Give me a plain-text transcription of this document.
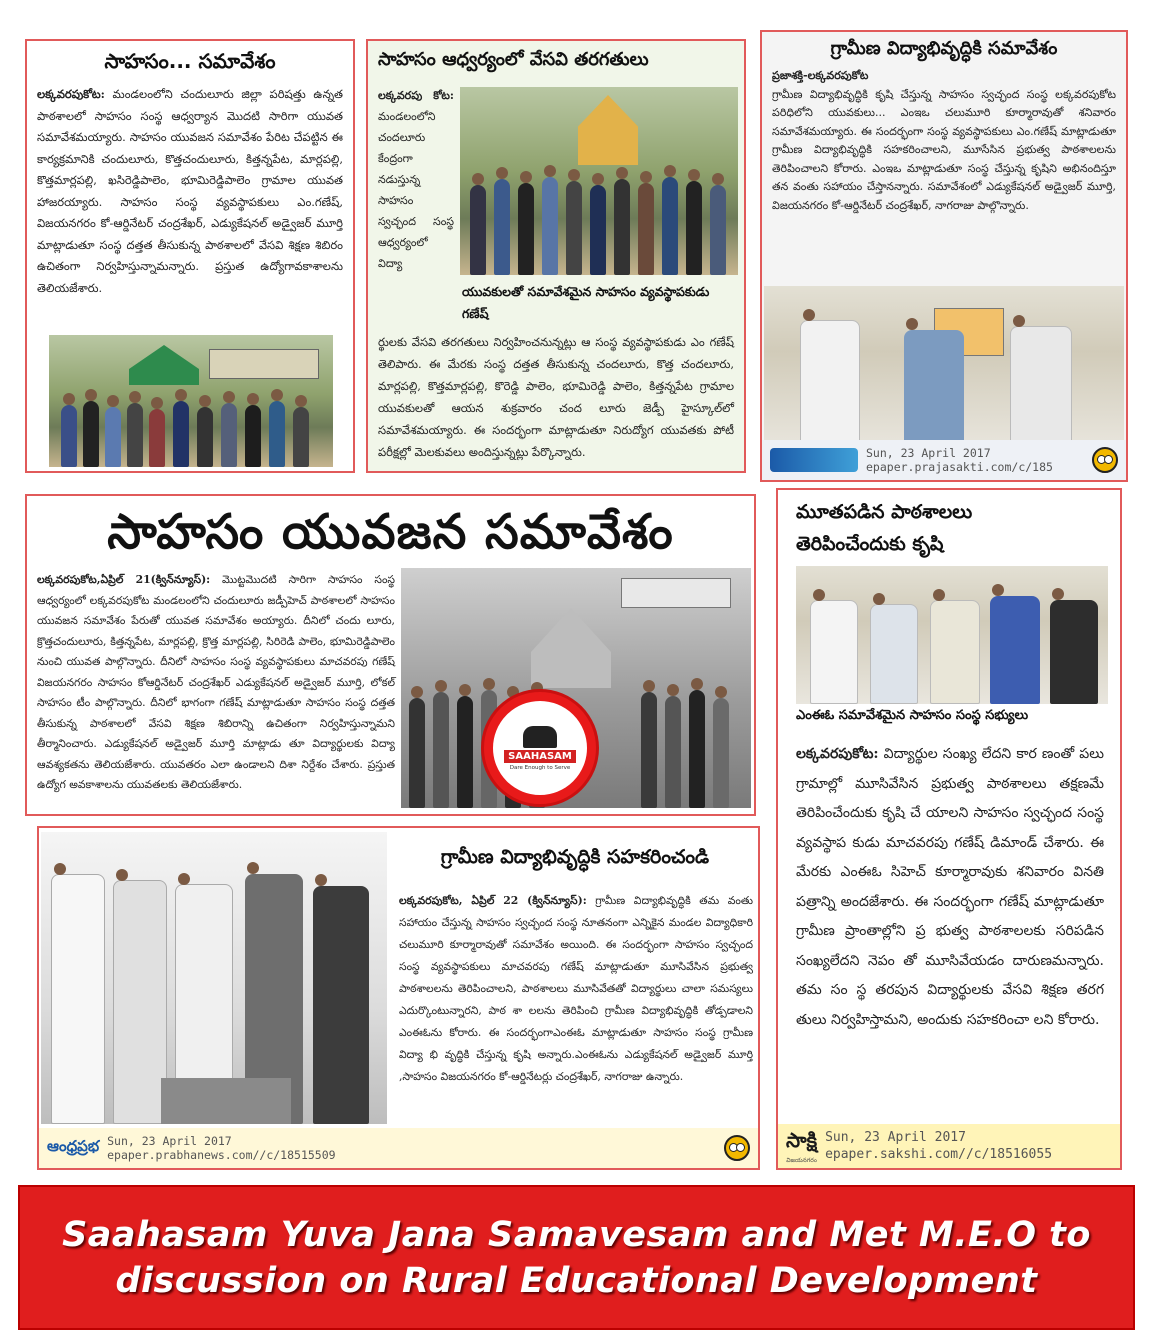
సాహసం... సమావేశం
లక్కవరపుకోట: మండలంలోని చందులూరు జిల్లా పరిషత్తు ఉన్నత పాఠశాలలో సాహసం సంస్థ ఆధ్వర్యాన మొదటి సారిగా యువత సమావేశమయ్యారు. సాహసం యువజన సమావేశం పేరిట చేపట్టిన ఈ కార్యక్రమానికి చందులూరు, కొత్తచందులూరు, కిత్తన్నపేట, మార్లపల్లి, కొత్తమార్లపల్లి, ఖసిరెడ్డిపాలెం, భూమిరెడ్డిపాలెం గ్రామాల యువత హాజరయ్యారు. సాహసం సంస్థ వ్యవస్థాపకులు ఎం.గణేష్, విజయనగరం కో-ఆర్డినేటర్ చంద్రశేఖర్, ఎడ్యుకేషనల్ అడ్వైజర్ మూర్తి మాట్లాడుతూ సంస్థ దత్తత తీసుకున్న పాఠశాలలో వేసవి శిక్షణ శిబిరం ఉచితంగా నిర్వహిస్తున్నామన్నారు. ప్రస్తుత ఉద్యోగావకాశాలను తెలియజేశారు.
సాహసం ఆధ్వర్యంలో వేసవి తరగతులు
లక్కవరపు కోట: మండలంలోని చందలూరు కేంద్రంగా నడుస్తున్న సాహసం స్వచ్ఛంద సంస్థ ఆధ్వర్యంలో విద్యా
యువకులతో సమావేశమైన సాహసం వ్యవస్థాపకుడు గణేష్
ర్థులకు వేసవి తరగతులు నిర్వహించనున్నట్లు ఆ సంస్థ వ్యవస్థాపకుడు ఎం గణేష్ తెలిపారు. ఈ మేరకు సంస్థ దత్తత తీసుకున్న చందలూరు, కొత్త చందలూరు, మార్లపల్లి, కొత్తమార్లపల్లి, కొరెడ్డి పాలెం, భూమిరెడ్డి పాలెం, కిత్తన్నపేట గ్రామాల యువకులతో ఆయన శుక్రవారం చంద లూరు జెడ్పీ హైస్కూల్‌లో సమావేశమయ్యారు. ఈ సందర్భంగా మాట్లాడుతూ నిరుద్యోగ యువతకు పోటీ పరీక్షల్లో మెలకువలు అందిస్తున్నట్లు పేర్కొన్నారు.
గ్రామీణ విద్యాభివృద్ధికి సమావేశం
ప్రజాశక్తి-లక్కవరపుకోట
గ్రామీణ విద్యాభివృద్ధికి కృషి చేస్తున్న సాహసం స్వచ్ఛంద సంస్థ లక్కవరపుకోట పరిధిలోని యువకులు... ఎంఇఒ చలుమూరి కూర్మారావుతో శనివారం సమావేశమయ్యారు. ఈ సందర్భంగా సంస్థ వ్యవస్థాపకులు ఎం.గణేష్ మాట్లాడుతూ గ్రామీణ విద్యాభివృద్ధికి సహకరించాలని, మూసేసిన ప్రభుత్వ పాఠశాలలను తెరిపించాలని కోరారు. ఎంఇఒ మాట్లాడుతూ సంస్థ చేస్తున్న కృషిని అభినందిస్తూ తన వంతు సహాయం చేస్తానన్నారు. సమావేశంలో ఎడ్యుకేషనల్ అడ్వైజర్ మూర్తి, విజయనగరం కో-ఆర్డినేటర్ చంద్రశేఖర్, నాగరాజు పాల్గొన్నారు.
Sun, 23 April 2017
epaper.prajasakti.com/c/185
సాహసం యువజన సమావేశం
లక్కవరపుకోట,ఏప్రిల్ 21(క్విన్‌న్యూస్): మొట్టమొదటి సారిగా సాహసం సంస్థ ఆధ్వర్యంలో లక్కవరపుకోట మండలంలోని చందులూరు జడ్పీహెచ్ పాఠశాలలో సాహసం యువజన సమావేశం పేరుతో యువత సమావేశం అయ్యారు. దీనిలో చందు లూరు, క్రొత్తచందులూరు, కిత్తన్నపేట, మార్లపల్లి, క్రొత్త మార్లపల్లి, సిరిరెడి పాలెం, భూమిరెడ్డిపాలెం నుంచి యువత పాల్గొన్నారు. దీనిలో సాహసం సంస్థ వ్యవస్థాపకులు మాచవరపు గణేష్ విజయనగరం సాహసం కోఆర్డినేటర్ చంద్రశేఖర్ ఎడ్యుకేషనల్ అడ్వైజర్ మూర్తి, లోకల్ సాహసం టీం పాల్గొన్నారు. దీనిలో భాగంగా గణేష్ మాట్లాడుతూ సాహసం సంస్థ దత్తత తీసుకున్న పాఠశాలలో వేసవి శిక్షణ శిబిరాన్ని ఉచితంగా నిర్వహిస్తున్నామని తీర్మానించారు. ఎడ్యుకేషనల్ అడ్వైజర్ మూర్తి మాట్లాడు తూ విద్యార్థులకు విద్యా ఆవశ్యకతను తెలియజేశారు. యువతరం ఎలా ఉండాలని దిశా నిర్దేశం చేశారు. ప్రస్తుత ఉద్యోగ అవకాశాలను యువతలకు తెలియజేశారు.
మూతపడిన పాఠశాలలు
తెరిపించేందుకు కృషి
ఎంఈఓ సమావేశమైన సాహసం సంస్థ సభ్యులు
లక్కవరపుకోట: విద్యార్థుల సంఖ్య లేదని కార ణంతో పలు గ్రామాల్లో మూసివేసిన ప్రభుత్వ పాఠశాలలు తక్షణమే తెరిపించేందుకు కృషి చే యాలని సాహసం స్వచ్ఛంద సంస్థ వ్యవస్థాప కుడు మాచవరపు గణేష్ డిమాండ్ చేశారు. ఈ మేరకు ఎంఈఓ సిహెచ్ కూర్మారావుకు శనివారం వినతి పత్రాన్ని అందజేశారు. ఈ సందర్భంగా గణేష్ మాట్లాడుతూ గ్రామీణ ప్రాంతాల్లోని ప్ర భుత్వ పాఠశాలలకు సరిపడిన సంఖ్యలేదని నెపం తో మూసివేయడం దారుణమన్నారు. తమ సం స్థ తరపున విద్యార్థులకు వేసవి శిక్షణ తరగ తులు నిర్వహిస్తామని, అందుకు సహకరించా లని కోరారు.
సాక్షి
విజయనగరం
Sun, 23 April 2017
epaper.sakshi.com//c/18516055
గ్రామీణ విద్యాభివృద్ధికి సహకరించండి
లక్కవరపుకోట, ఏప్రిల్ 22 (క్విన్‌న్యూస్): గ్రామీణ విద్యాభివృద్ధికి తమ వంతు సహాయం చేస్తున్న సాహసం స్వచ్ఛంద సంస్థ నూతనంగా ఎన్నికైన మండల విద్యాధికారి చలుమూరి కూర్మారావుతో సమావేశం అయింది. ఈ సందర్భంగా సాహసం స్వచ్ఛంద సంస్థ వ్యవస్థాపకులు మాచవరపు గణేష్ మాట్లాడుతూ మూసివేసిన ప్రభుత్వ పాఠశాలలను తెరిపించాలని, పాఠశాలలు మూసివేతతో విద్యార్థులు చాలా సమస్యలు ఎదుర్కొంటున్నారని, పాఠ శా లలను తెరిపించి గ్రామీణ విద్యాభివృద్ధికి తోడ్పడాలని ఎంఈఓను కోరారు. ఈ సందర్భంగాఎంఈఓ మాట్లాడుతూ సాహసం సంస్థ గ్రామీణ విద్యా భి వృద్ధికి చేస్తున్న కృషి అన్నారు.ఎంఈఓను ఎడ్యుకేషనల్ అడ్వైజర్ మూర్తి ,సాహసం విజయనగరం కో-ఆర్డినేటర్లు చంద్రశేఖర్, నాగరాజు ఉన్నారు.
ఆంధ్రప్రభ Sun, 23 April 2017
epaper.prabhanews.com//c/18515509
SAAHASAM
Dare Enough to Serve
Saahasam Yuva Jana Samavesam and Met M.E.O to
discussion on Rural Educational Development
